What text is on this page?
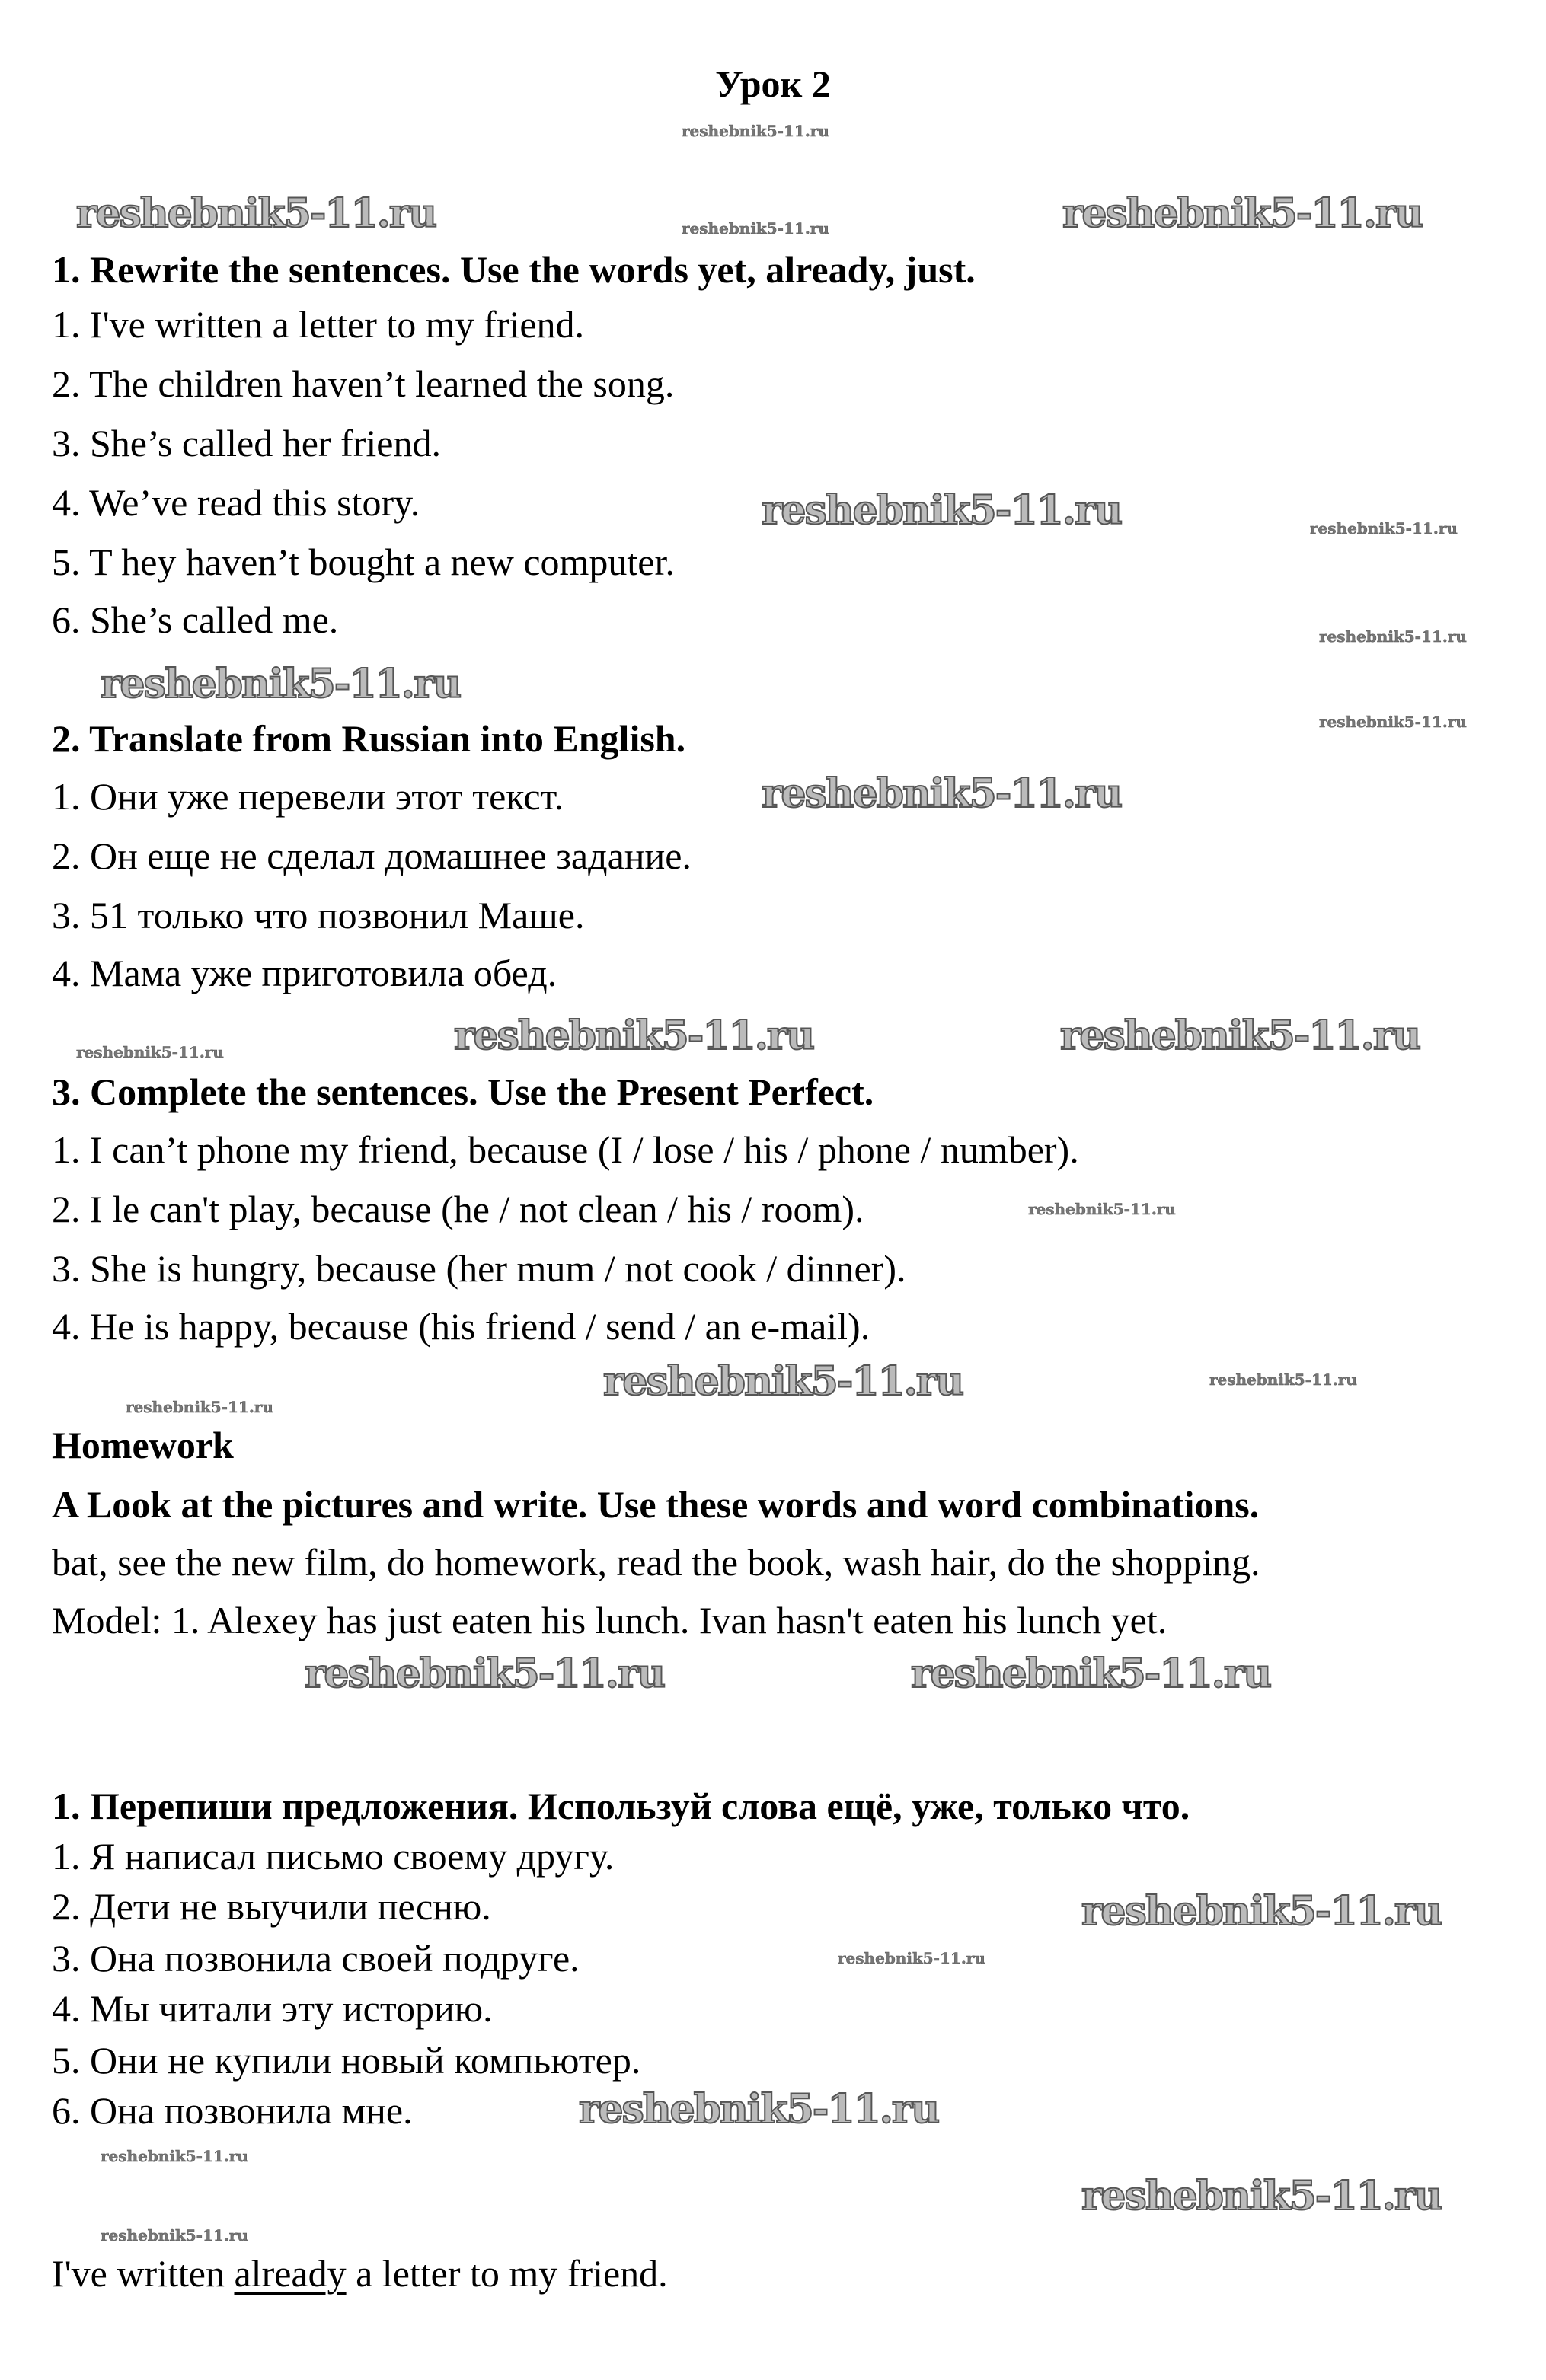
Урок 2
reshebnik5-11.ru
reshebnik5-11.ru	reshebnik5-11.ru	reshebnik5-11.ru
reshebnik5-11.ru	reshebnik5-11.ru
reshebnik5-11.ru
reshebnik5-11.ru
reshebnik5-11.ru
reshebnik5-11.ru
reshebnik5-11.ru	reshebnik5-11.ru	reshebnik5-11.ru
reshebnik5-11.ru
reshebnik5-11.ru
reshebnik5-11.ru
reshebnik5-11.ru
reshebnik5-11.ru	reshebnik5-11.ru
reshebnik5-11.ru
reshebnik5-11.ru
reshebnik5-11.ru
reshebnik5-11.ru
reshebnik5-11.ru
reshebnik5-11.ru
1. Rewrite the sentences. Use the words yet, already, just.
1. I've written a letter to my friend.
2. The children haven’t learned the song.
3. She’s called her friend.
4. We’ve read this story.
5. T hey haven’t bought a new computer.
6. She’s called me.
2. Translate from Russian into English.
1. Они уже перевели этот текст.
2. Он еще не сделал домашнее задание.
3. 51 только что позвонил Маше.
4. Мама уже приготовила обед.
3. Complete the sentences. Use the Present Perfect.
1. I can’t phone my friend, because (I / lose / his / phone / number).
2. I le can't play, because (he / not clean / his / room).
3. She is hungry, because (her mum / not cook / dinner).
4. He is happy, because (his friend / send / an e-mail).
Homework
A Look at the pictures and write. Use these words and word combinations.
bat, see the new film, do homework, read the book, wash hair, do the shopping.
Model: 1. Alexey has just eaten his lunch. Ivan hasn't eaten his lunch yet.
1. Перепиши предложения. Используй слова ещё, уже, только что.
1. Я написал письмо своему другу.
2. Дети не выучили песню.
3. Она позвонила своей подруге.
4. Мы читали эту историю.
5. Они не купили новый компьютер.
6. Она позвонила мне.
I've written already a letter to my friend.
